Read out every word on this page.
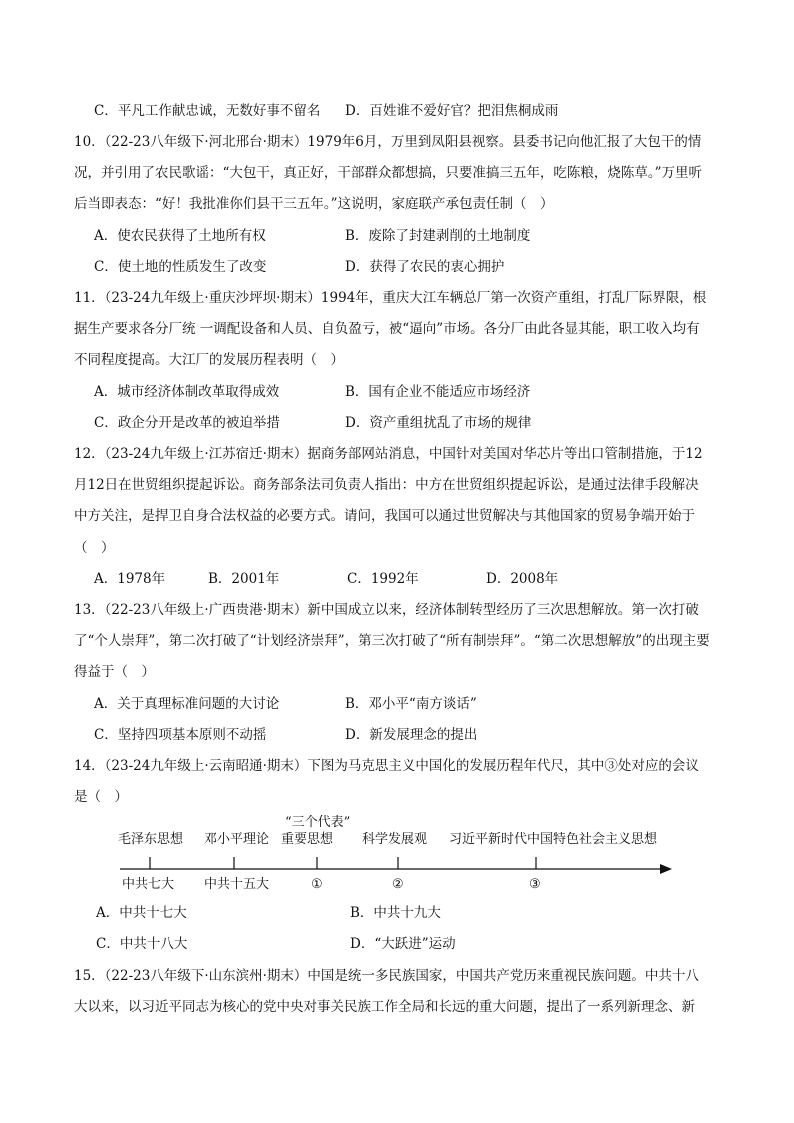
C．平凡工作献忠诚，无数好事不留名 D．百姓谁不爱好官？把泪焦桐成雨
10．（22-23八年级下·河北邢台·期末）1979年6月，万里到凤阳县视察。县委书记向他汇报了大包干的情
况，并引用了农民歌谣：“大包干，真正好，干部群众都想搞，只要准搞三五年，吃陈粮，烧陈草。”万里听
后当即表态：“好！我批准你们县干三五年。”这说明，家庭联产承包责任制（　）
A．使农民获得了土地所有权	B．废除了封建剥削的土地制度
C．使土地的性质发生了改变	D．获得了农民的衷心拥护
11．（23-24九年级上·重庆沙坪坝·期末）1994年，重庆大江车辆总厂第一次资产重组，打乱厂际界限，根
据生产要求各分厂统 一调配设备和人员、自负盈亏，被“逼向”市场。各分厂由此各显其能，职工收入均有
不同程度提高。大江厂的发展历程表明（　）
A．城市经济体制改革取得成效	B．国有企业不能适应市场经济
C．政企分开是改革的被迫举措	D．资产重组扰乱了市场的规律
12．（23-24九年级上·江苏宿迁·期末）据商务部网站消息，中国针对美国对华芯片等出口管制措施，于12
月12日在世贸组织提起诉讼。商务部条法司负责人指出：中方在世贸组织提起诉讼，是通过法律手段解决
中方关注，是捍卫自身合法权益的必要方式。请问，我国可以通过世贸解决与其他国家的贸易争端开始于
（　）
A．1978年	B．2001年	C．1992年	D．2008年
13．（22-23八年级上·广西贵港·期末）新中国成立以来，经济体制转型经历了三次思想解放。第一次打破
了“个人崇拜”，第二次打破了“计划经济崇拜”，第三次打破了“所有制崇拜”。“第二次思想解放”的出现主要
得益于（　）
A．关于真理标准问题的大讨论	B．邓小平“南方谈话”
C．坚持四项基本原则不动摇	D．新发展理念的提出
14．（23-24九年级上·云南昭通·期末）下图为马克思主义中国化的发展历程年代尺，其中③处对应的会议
是（　）
“三个代表”
毛泽东思想 邓小平理论 重要思想 科学发展观 习近平新时代中国特色社会主义思想
中共七大 中共十五大	①	②	③
A．中共十七大	B．中共十九大
C．中共十八大	D．“大跃进”运动
15．（22-23八年级下·山东滨州·期末）中国是统一多民族国家，中国共产党历来重视民族问题。中共十八
大以来，以习近平同志为核心的党中央对事关民族工作全局和长远的重大问题，提出了一系列新理念、新
